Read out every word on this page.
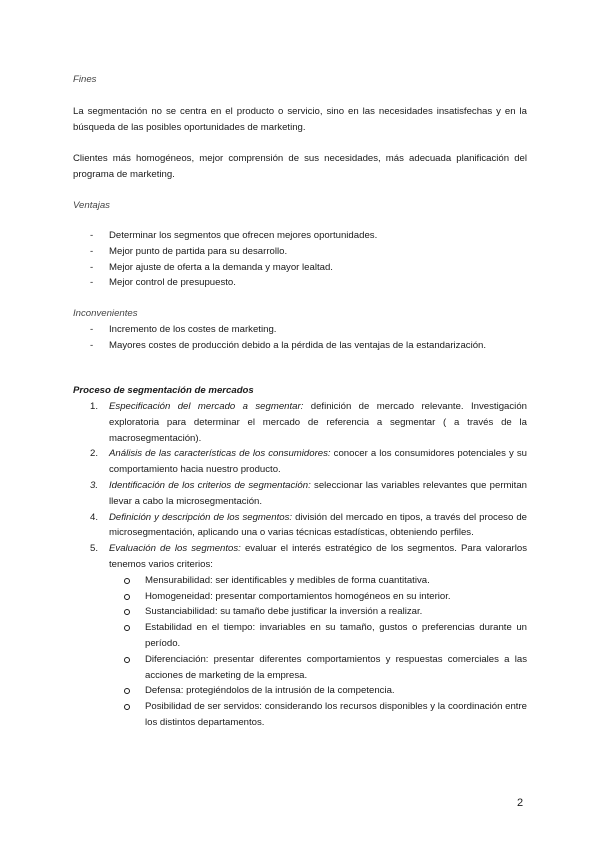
Fines

La segmentación no se centra en el producto o servicio, sino en las necesidades insatisfechas y en la búsqueda de las posibles oportunidades de marketing.

Clientes más homogéneos, mejor comprensión de sus necesidades, más adecuada planificación del programa de marketing.

Ventajas
- Determinar los segmentos que ofrecen mejores oportunidades.
- Mejor punto de partida para su desarrollo.
- Mejor ajuste de oferta a la demanda y mayor lealtad.
- Mejor control de presupuesto.
Inconvenientes
- Incremento de los costes de marketing.
- Mayores costes de producción debido a la pérdida de las ventajas de la estandarización.
Proceso de segmentación de mercados
1. Especificación del mercado a segmentar: definición de mercado relevante. Investigación exploratoria para determinar el mercado de referencia a segmentar ( a través de la macrosegmentación).
2. Análisis de las características de los consumidores: conocer a los consumidores potenciales y su comportamiento hacia nuestro producto.
3. Identificación de los criterios de segmentación: seleccionar las variables relevantes que permitan llevar a cabo la microsegmentación.
4. Definición y descripción de los segmentos: división del mercado en tipos, a través del proceso de microsegmentación, aplicando una o varias técnicas estadísticas, obteniendo perfiles.
5. Evaluación de los segmentos: evaluar el interés estratégico de los segmentos. Para valorarlos tenemos varios criterios:
Mensurabilidad: ser identificables y medibles de forma cuantitativa.
Homogeneidad: presentar comportamientos homogéneos en su interior.
Sustanciabilidad: su tamaño debe justificar la inversión a realizar.
Estabilidad en el tiempo: invariables en su tamaño, gustos o preferencias durante un período.
Diferenciación: presentar diferentes comportamientos y respuestas comerciales a las acciones de marketing de la empresa.
Defensa: protegiéndolos de la intrusión de la competencia.
Posibilidad de ser servidos: considerando los recursos disponibles y la coordinación entre los distintos departamentos.
2
